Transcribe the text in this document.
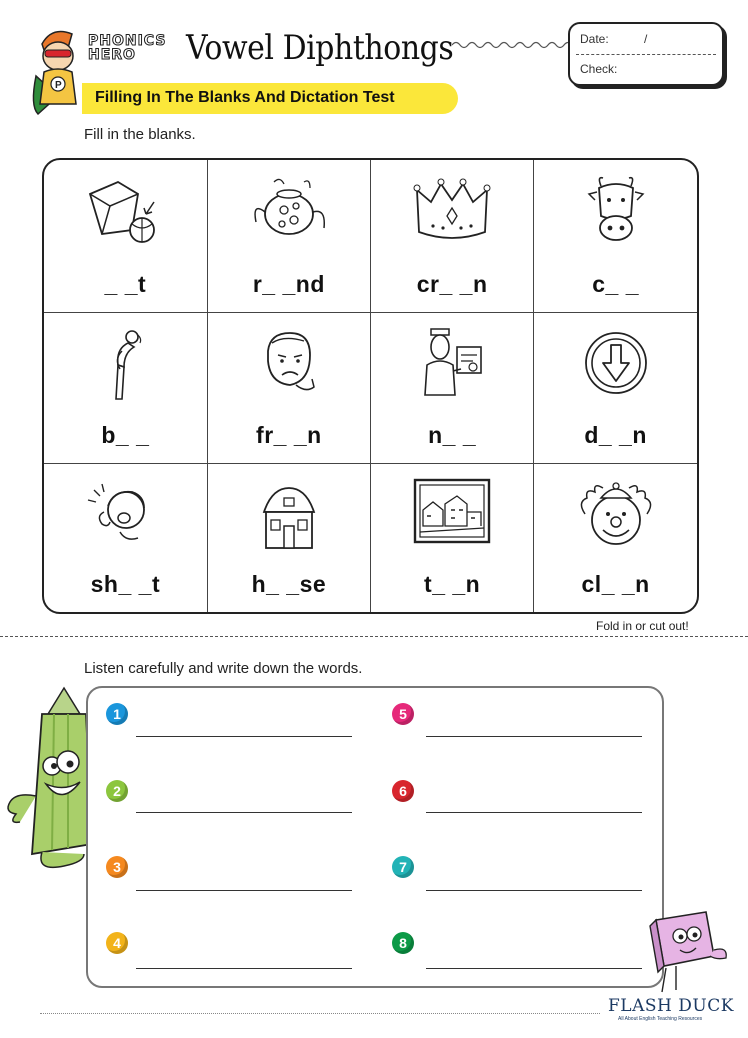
P
PHONICS
HERO	Vowel Diphthongs	Date:	/
Check:
Filling In The Blanks And Dictation Test
Fill in the blanks.
_ _t	r_ _nd	cr_ _n	c_ _

b_ _	fr_ _n	n_ _	d_ _n

sh_ _t	h_ _se	t_ _n	cl_ _n
Fold in or cut out!
Listen carefully and write down the words.
1
2
3
4
5
6
7
8
FLASH DUCK
All About English Teaching Resources
